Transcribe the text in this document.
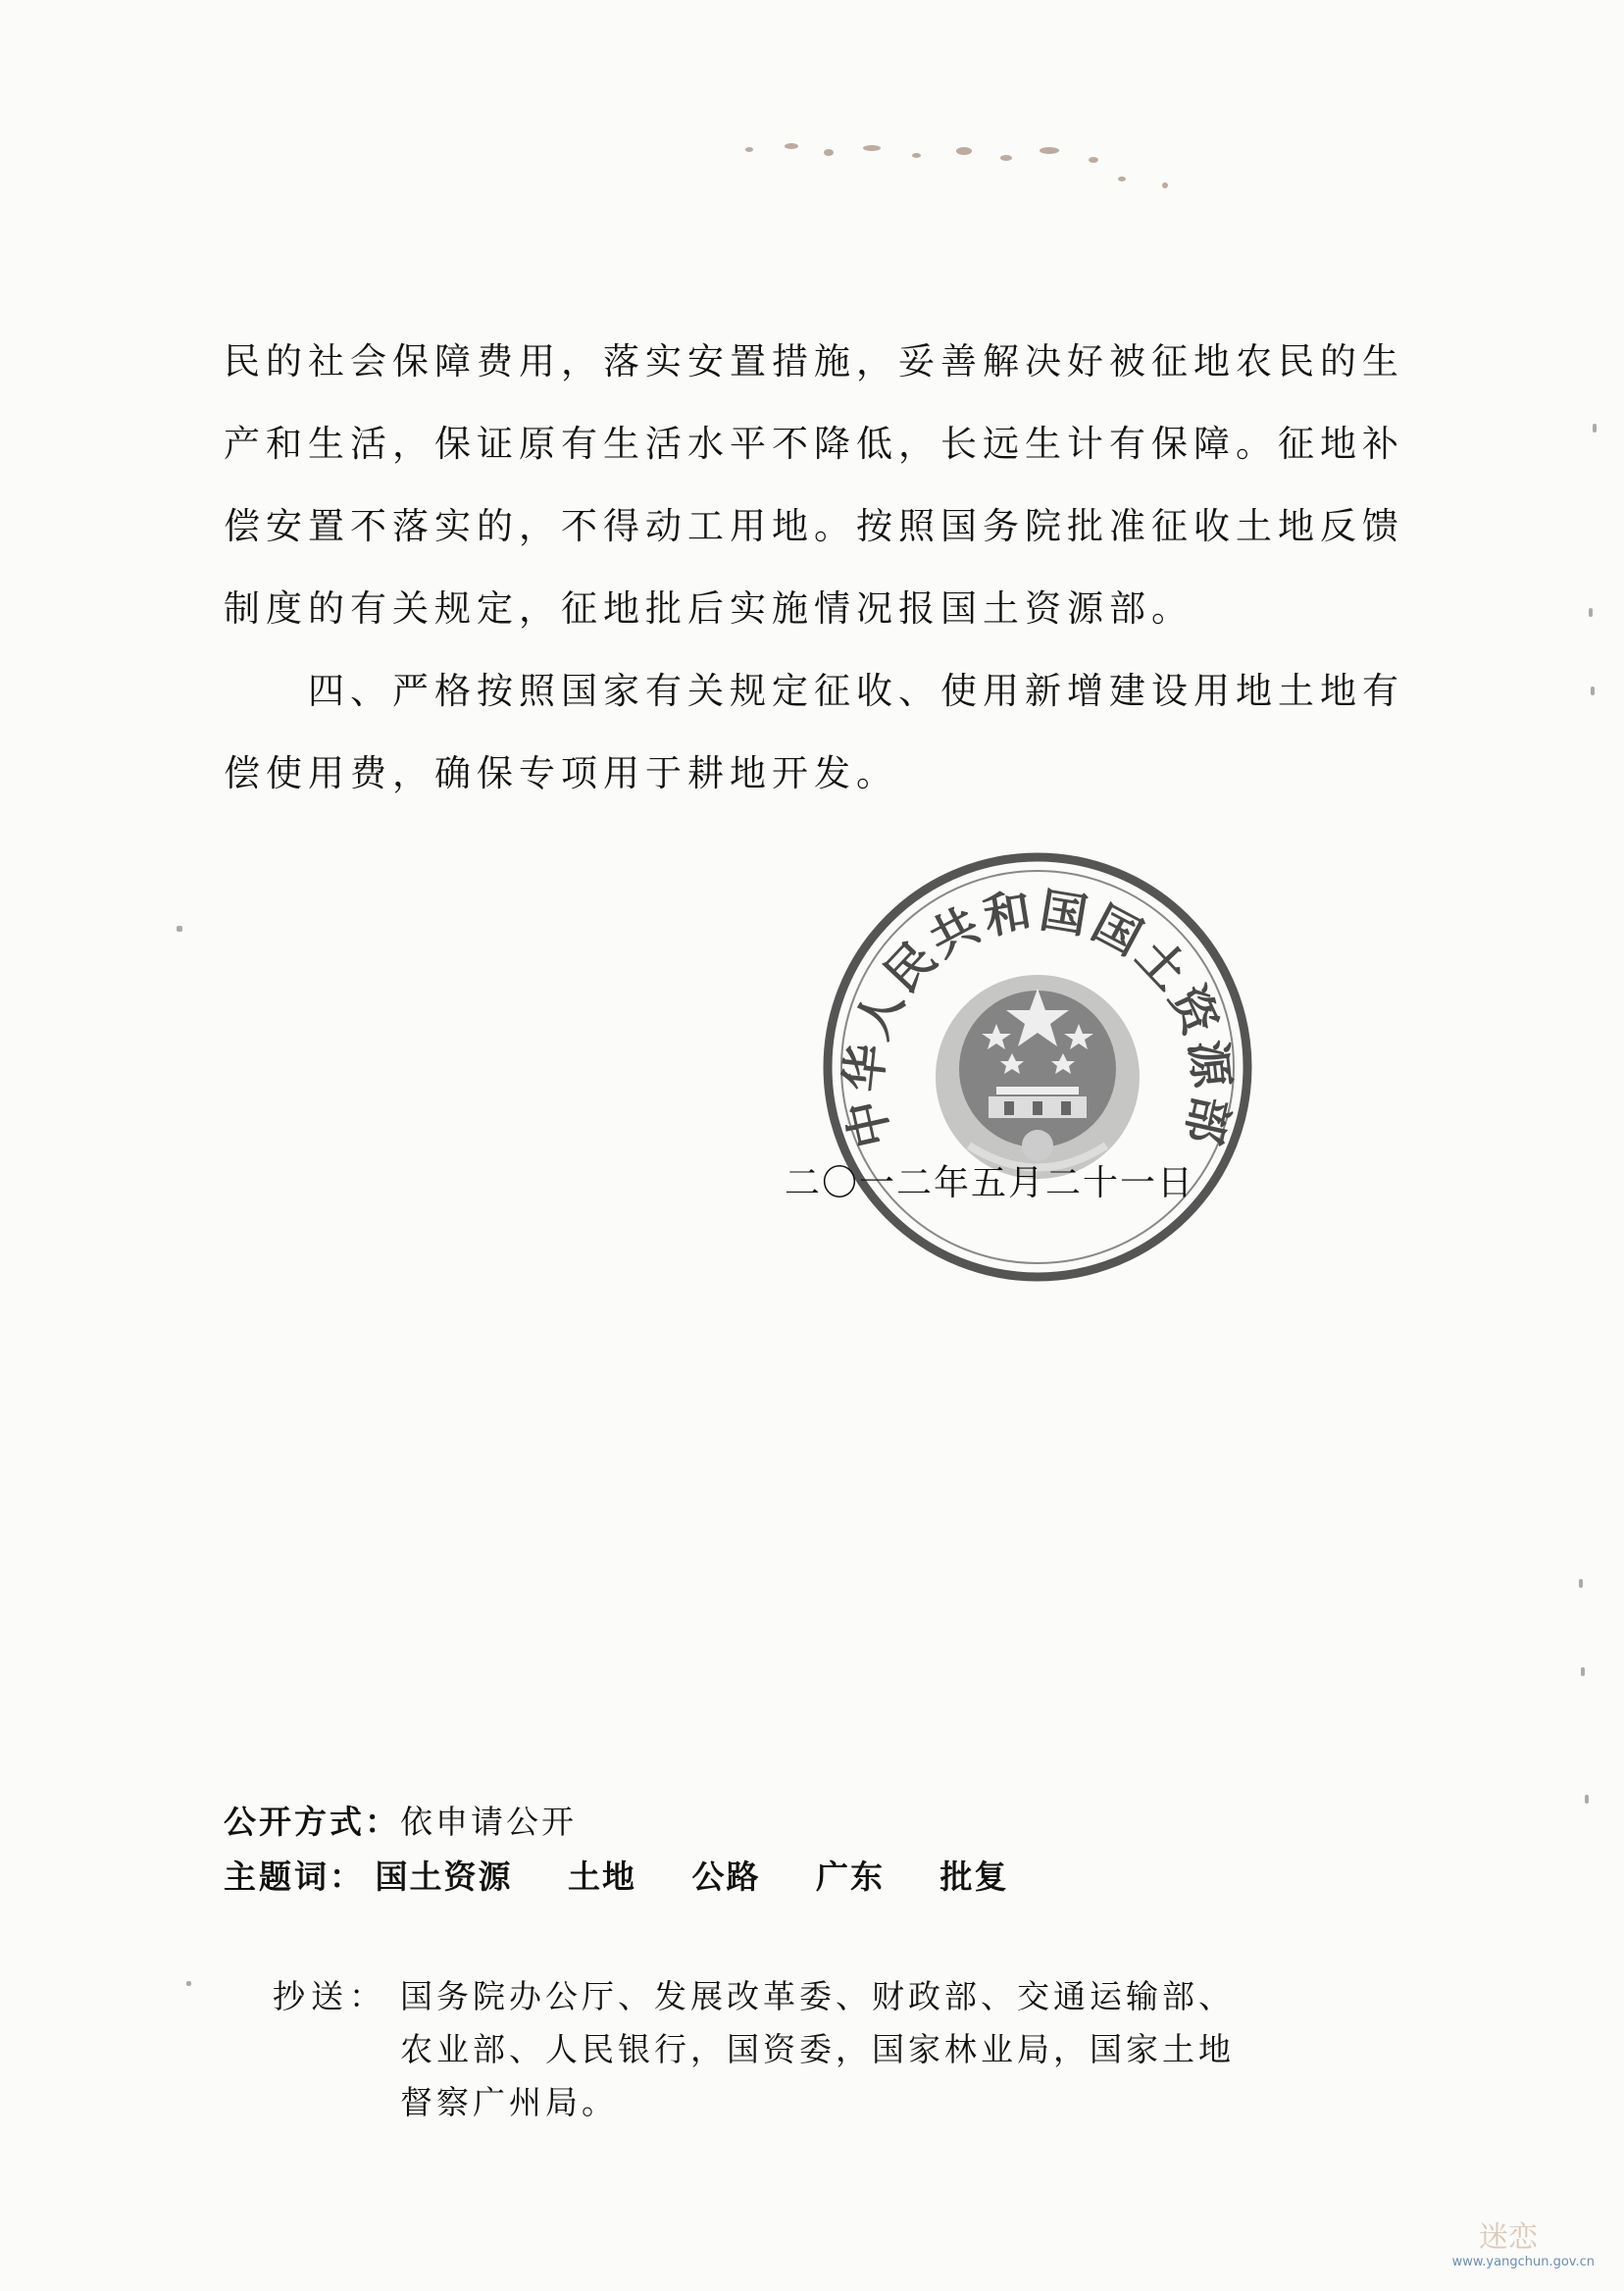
民的社会保障费用，落实安置措施，妥善解决好被征地农民的生
产和生活，保证原有生活水平不降低，长远生计有保障。征地补
偿安置不落实的，不得动工用地。按照国务院批准征收土地反馈
制度的有关规定，征地批后实施情况报国土资源部。
　　四、严格按照国家有关规定征收、使用新增建设用地土地有
偿使用费，确保专项用于耕地开发。
中华人民共和国国土资源部
二〇一二年五月二十一日
公开方式：依申请公开
主题词： 国土资源 土地 公路 广东 批复
抄送： 国务院办公厅、发展改革委、财政部、交通运输部、
农业部、人民银行，国资委，国家林业局，国家土地
督察广州局。
迷恋
www.yangchun.gov.cn
